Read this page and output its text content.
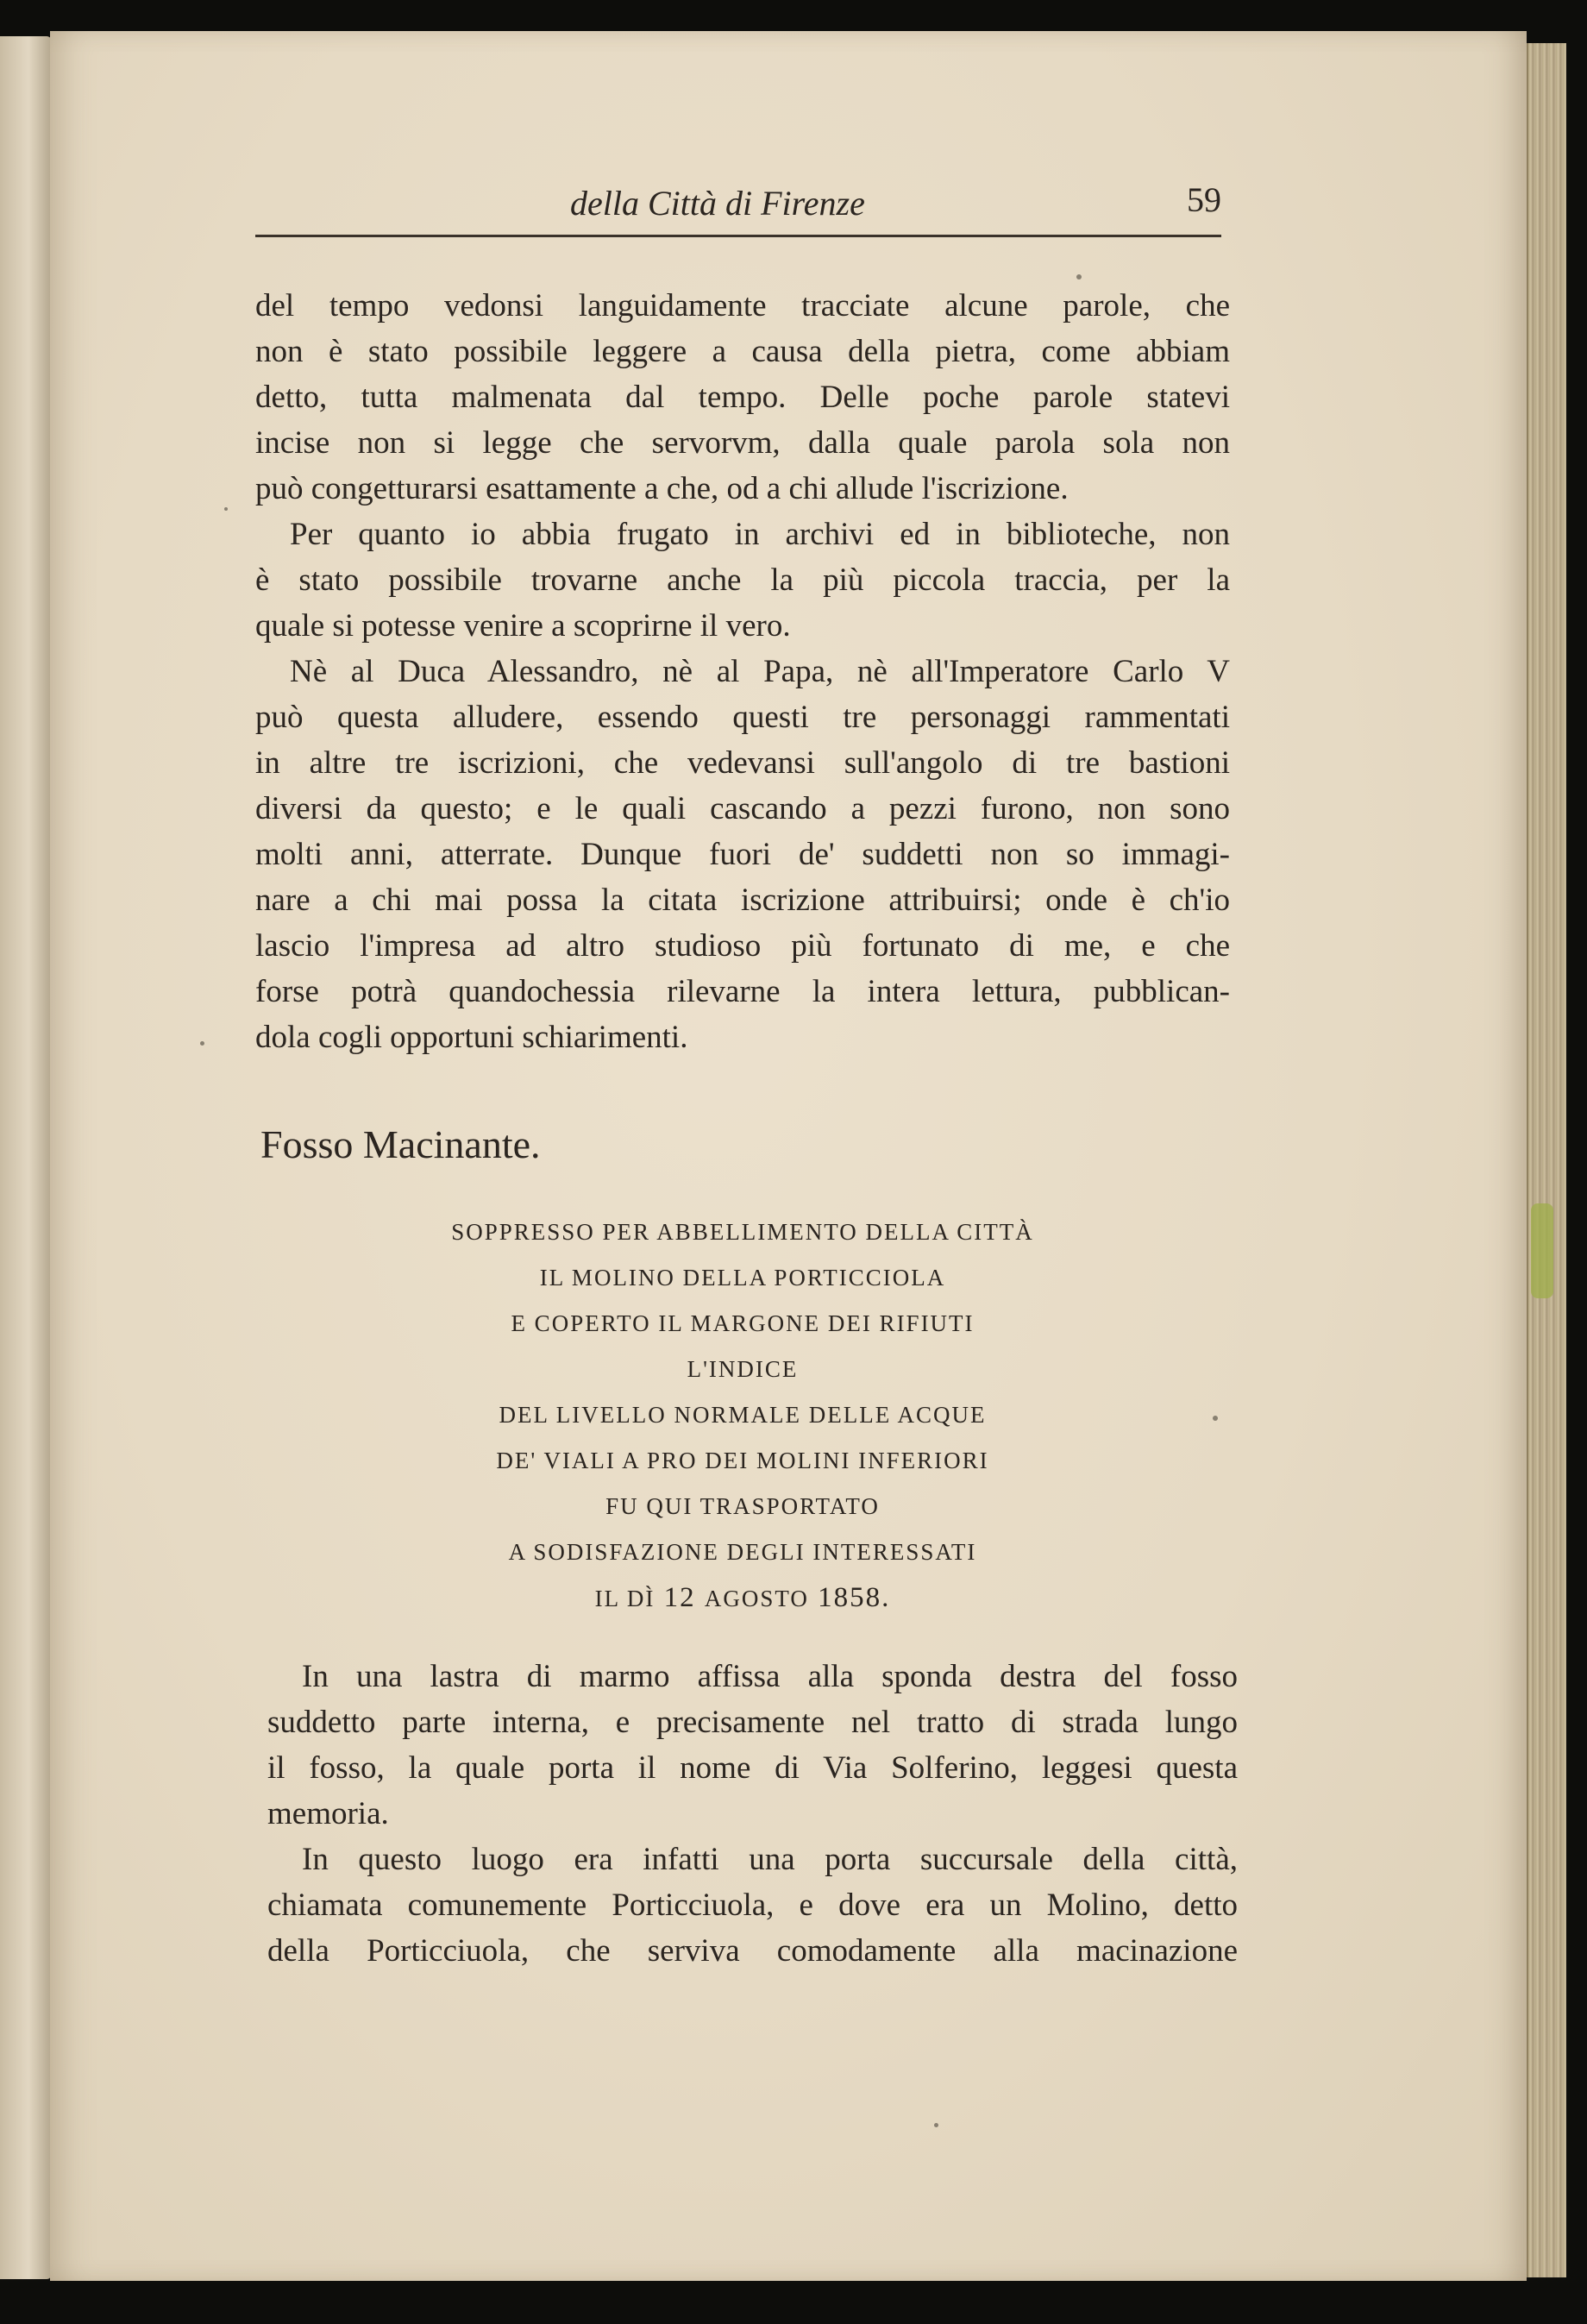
della Città di Firenze	59
del tempo vedonsi languidamente tracciate alcune parole, che
non è stato possibile leggere a causa della pietra, come abbiam
detto, tutta malmenata dal tempo. Delle poche parole statevi
incise non si legge che servorvm, dalla quale parola sola non
può congetturarsi esattamente a che, od a chi allude l'iscrizione.
Per quanto io abbia frugato in archivi ed in biblioteche, non
è stato possibile trovarne anche la più piccola traccia, per la
quale si potesse venire a scoprirne il vero.
Nè al Duca Alessandro, nè al Papa, nè all'Imperatore Carlo V
può questa alludere, essendo questi tre personaggi rammentati
in altre tre iscrizioni, che vedevansi sull'angolo di tre bastioni
diversi da questo; e le quali cascando a pezzi furono, non sono
molti anni, atterrate. Dunque fuori de' suddetti non so immagi-
nare a chi mai possa la citata iscrizione attribuirsi; onde è ch'io
lascio l'impresa ad altro studioso più fortunato di me, e che
forse potrà quandochessia rilevarne la intera lettura, pubblican-
dola cogli opportuni schiarimenti.
Fosso Macinante.
SOPPRESSO PER ABBELLIMENTO DELLA CITTÀ
IL MOLINO DELLA PORTICCIOLA
E COPERTO IL MARGONE DEI RIFIUTI
L'INDICE
DEL LIVELLO NORMALE DELLE ACQUE
DE' VIALI A PRO DEI MOLINI INFERIORI
FU QUI TRASPORTATO
A SODISFAZIONE DEGLI INTERESSATI
IL DÌ 12 AGOSTO 1858.
In una lastra di marmo affissa alla sponda destra del fosso
suddetto parte interna, e precisamente nel tratto di strada lungo
il fosso, la quale porta il nome di Via Solferino, leggesi questa
memoria.
In questo luogo era infatti una porta succursale della città,
chiamata comunemente Porticciuola, e dove era un Molino, detto
della Porticciuola, che serviva comodamente alla macinazione
